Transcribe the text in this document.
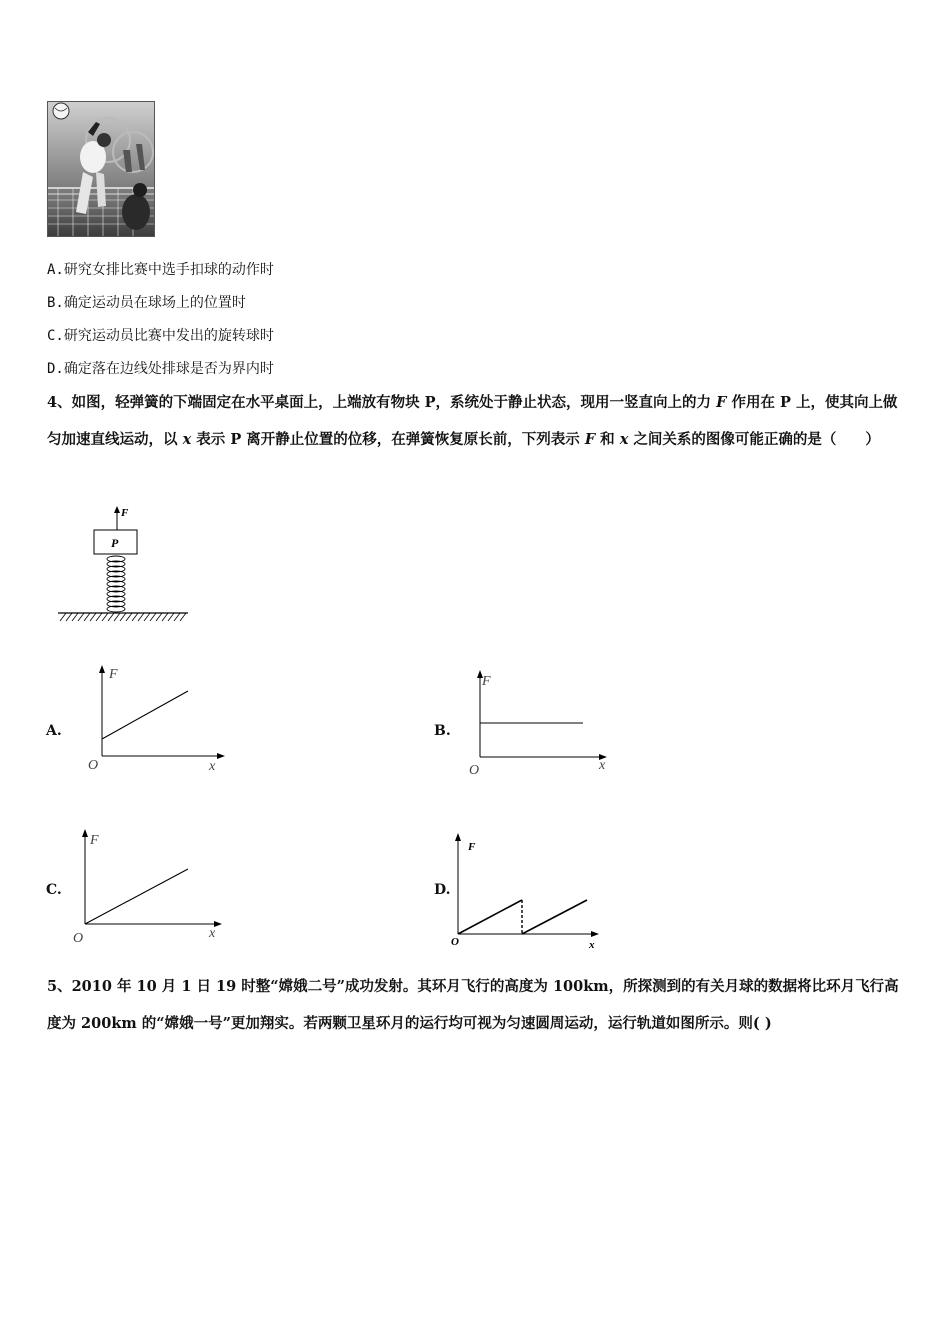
A.研究女排比赛中选手扣球的动作时
B.确定运动员在球场上的位置时
C.研究运动员比赛中发出的旋转球时
D.确定落在边线处排球是否为界内时
4、如图，轻弹簧的下端固定在水平桌面上，上端放有物块 P，系统处于静止状态，现用一竖直向上的力 F 作用在 P 上，使其向上做匀加速直线运动，以 x 表示 P 离开静止位置的位移，在弹簧恢复原长前，下列表示 F 和 x 之间关系的图像可能正确的是（　　）
F
P
A.
F
x
O
B.
F
x
O
C.
F
x
O
D.
F
x
O
5、2010 年 10 月 1 日 19 时整“嫦娥二号”成功发射。其环月飞行的高度为 100km，所探测到的有关月球的数据将比环月飞行高度为 200km 的“嫦娥一号”更加翔实。若两颗卫星环月的运行均可视为匀速圆周运动，运行轨道如图所示。则( )
